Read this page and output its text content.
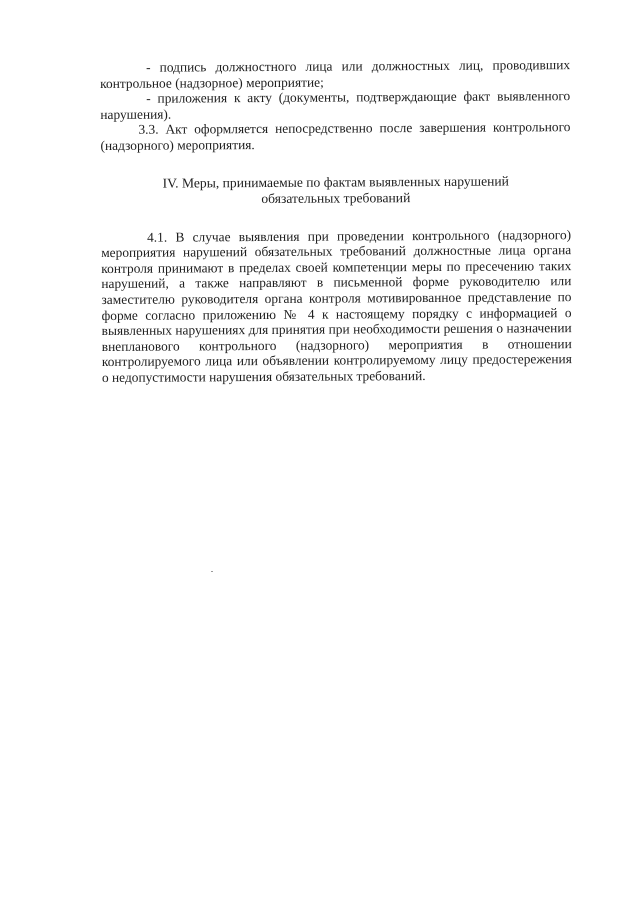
- подпись должностного лица или должностных лиц, проводивших контрольное (надзорное) мероприятие;

- приложения к акту (документы, подтверждающие факт выявленного нарушения).

3.3. Акт оформляется непосредственно после завершения контрольного (надзорного) мероприятия.

IV. Меры, принимаемые по фактам выявленных нарушений
обязательных требований

4.1. В случае выявления при проведении контрольного (надзорного) мероприятия нарушений обязательных требований должностные лица органа контроля принимают в пределах своей компетенции меры по пресечению таких нарушений, а также направляют в письменной форме руководителю или заместителю руководителя органа контроля мотивированное представление по форме согласно приложению № 4 к настоящему порядку с информацией о выявленных нарушениях для принятия при необходимости решения о назначении внепланового контрольного (надзорного) мероприятия в отношении контролируемого лица или объявлении контролируемому лицу предостережения о недопустимости нарушения обязательных требований.
